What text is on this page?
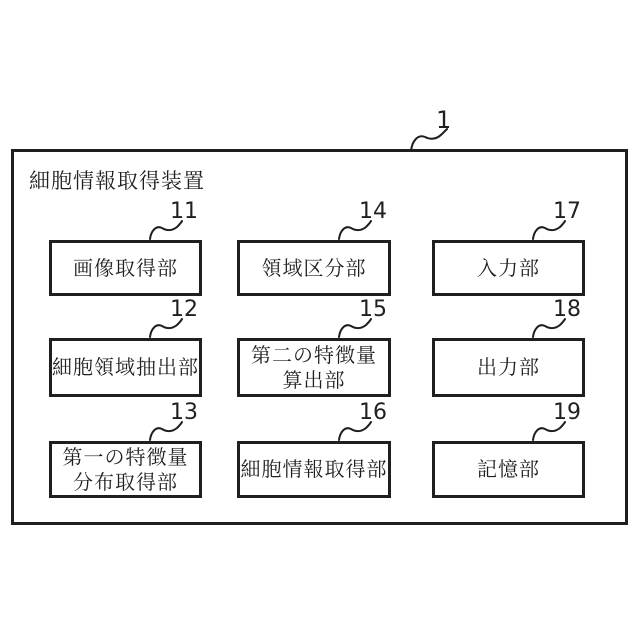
1
細胞情報取得装置
11
画像取得部
14
領域区分部
17
入力部
12
細胞領域抽出部
15
第二の特徴量
算出部
18
出力部
13
第一の特徴量
分布取得部
16
細胞情報取得部
19
記憶部
